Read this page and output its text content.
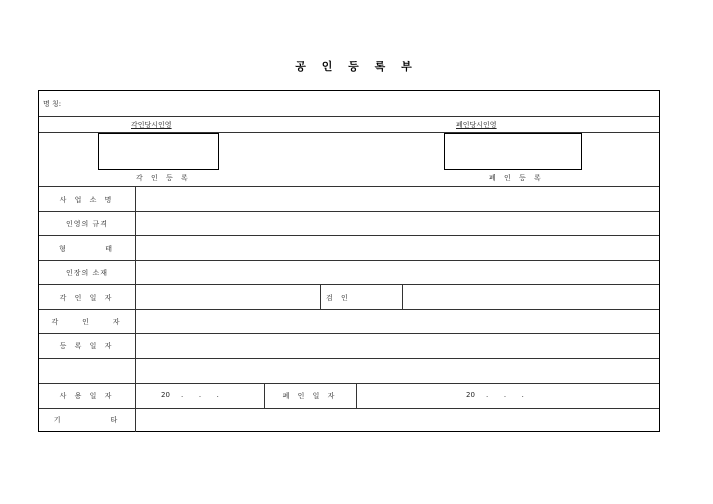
공 인 등 록 부
명 칭:
각인당시인영	폐인당시인영
각 인 등 록	폐 인 등 록
사 업 소 명
인영의 규격
형       태
인장의 소재
각 인 일 자	검 인
각    인    자
등 록 일 자
사 용 일 자	20     .       .       .	폐 인 일 자	20     .       .       .
기         타
